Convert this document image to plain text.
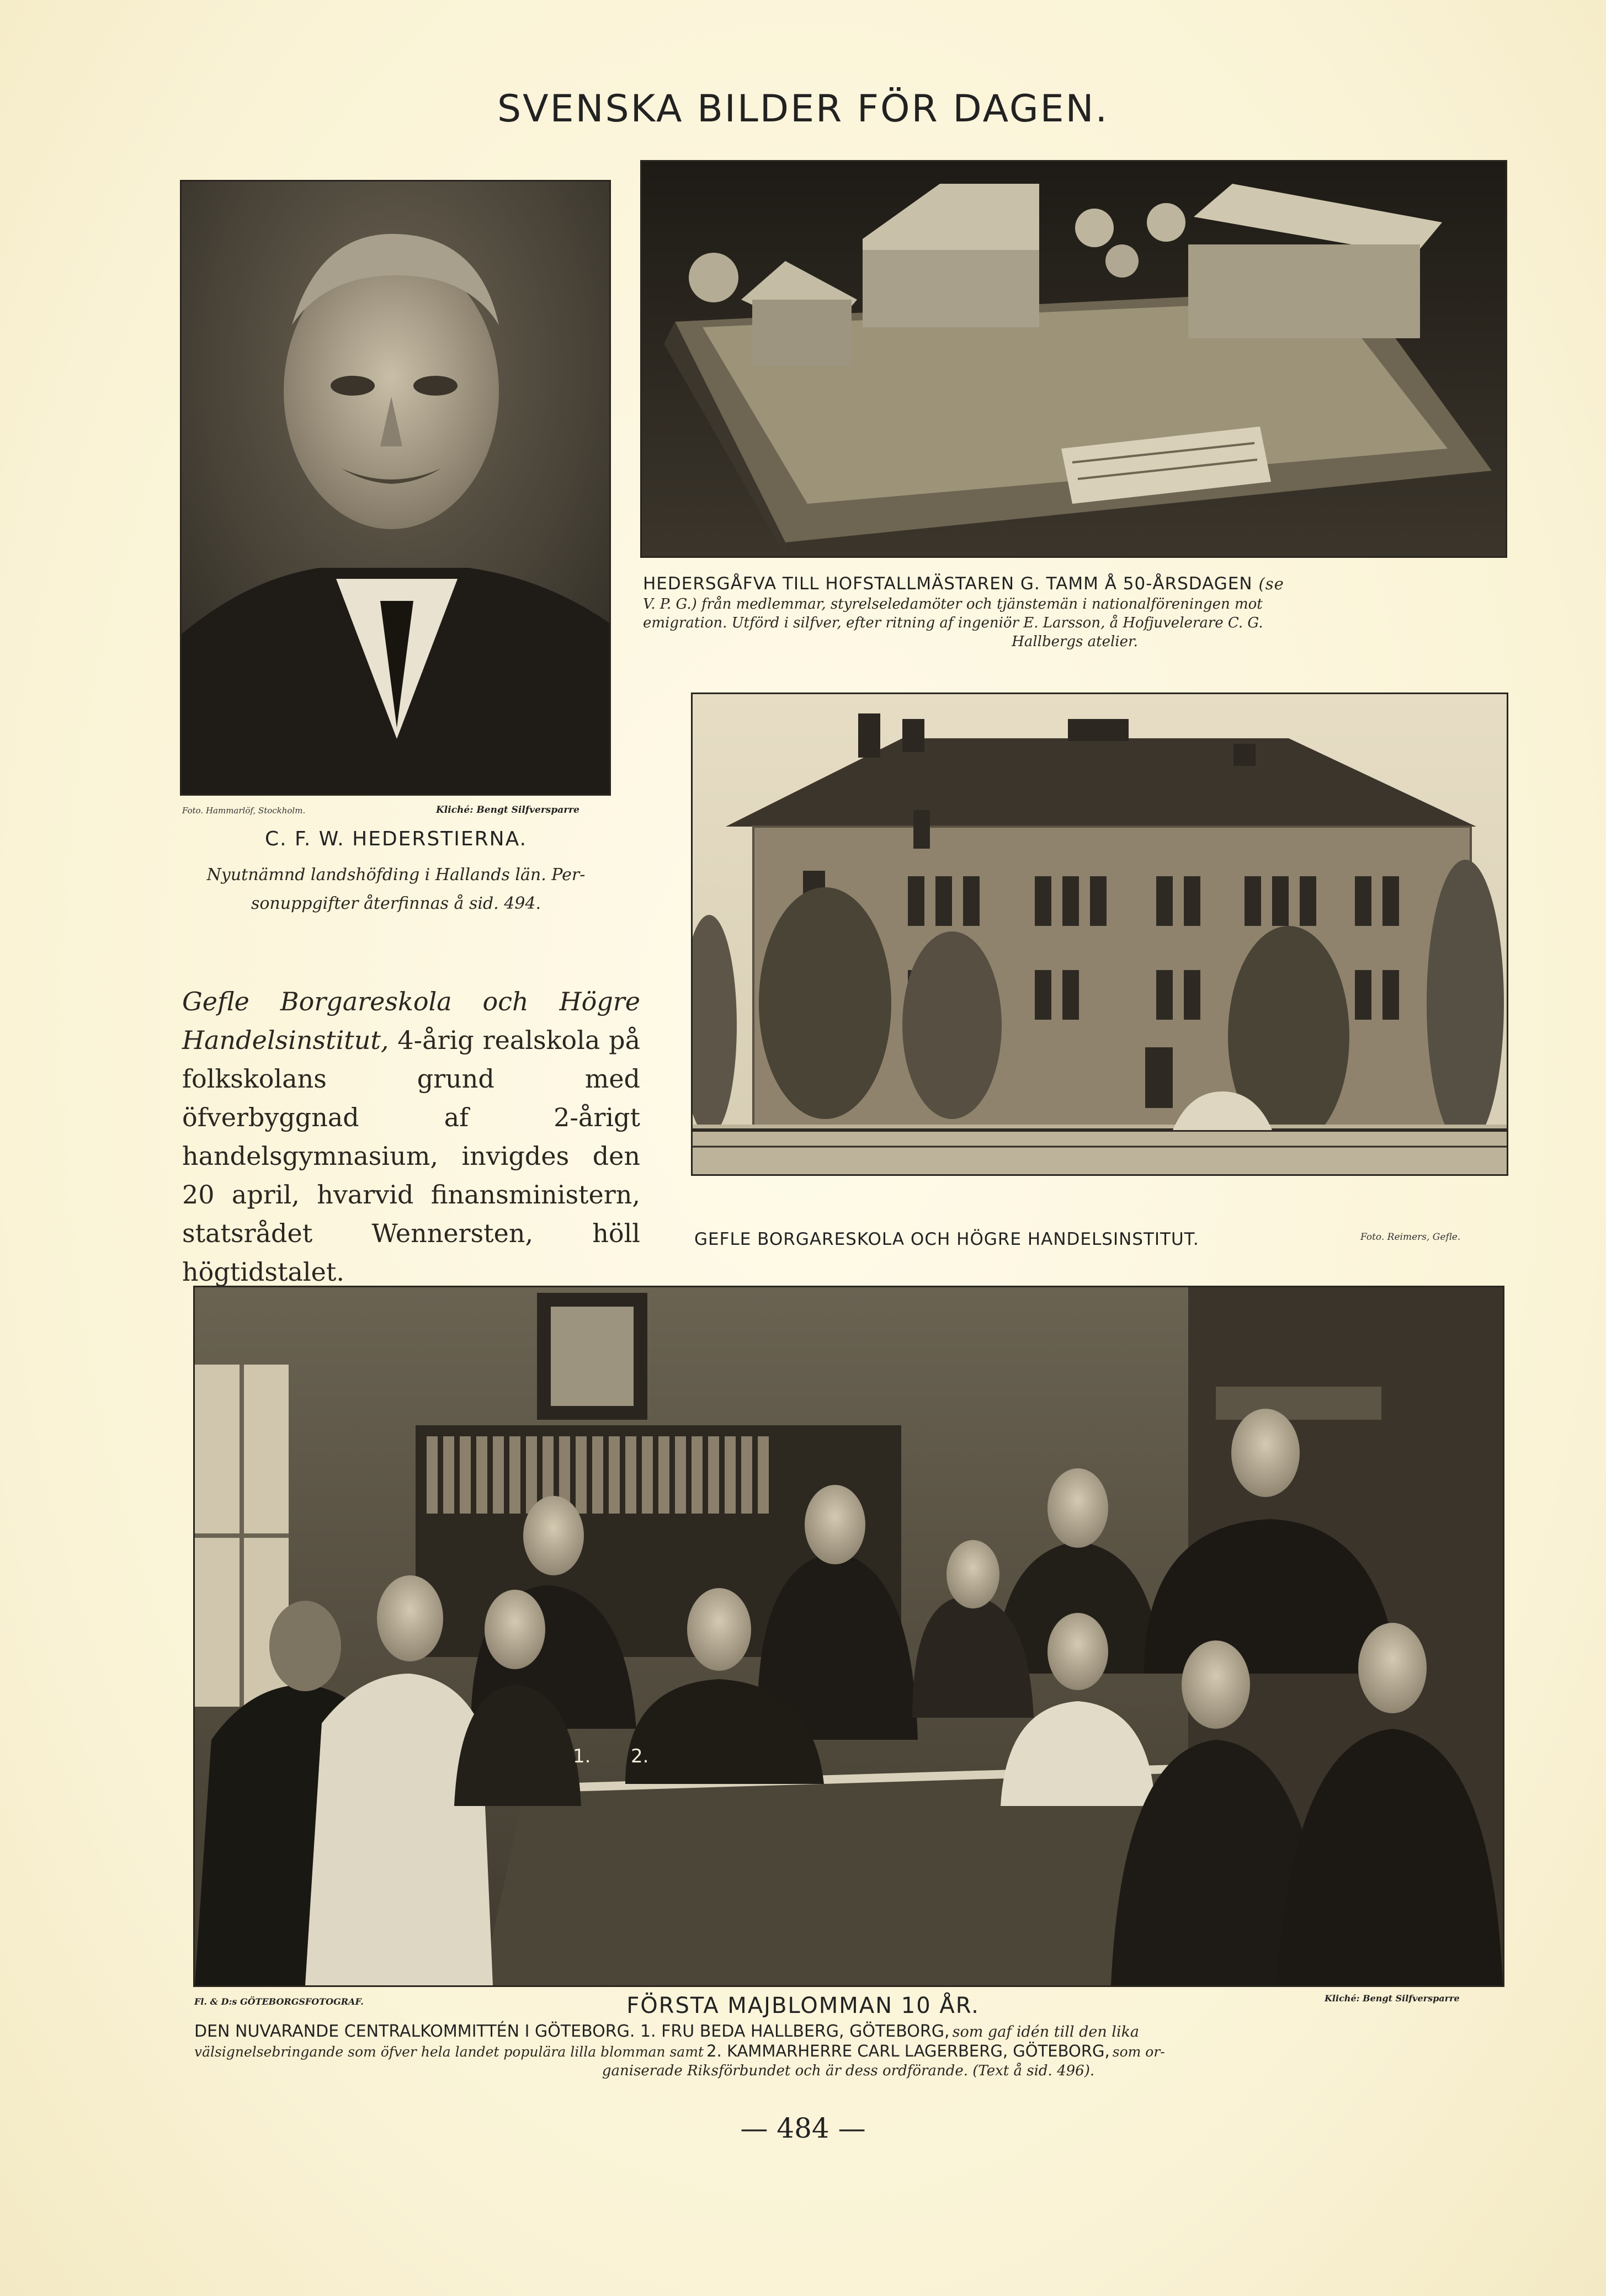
SVENSKA BILDER FÖR DAGEN.
Foto. Hammarlöf, Stockholm.	Kliché: Bengt Silfversparre
C. F. W. HEDERSTIERNA.
Nyutnämnd landshöfding i Hallands län. Per-
sonuppgifter återfinnas å sid. 494.
HEDERSGÅFVA TILL HOFSTALLMÄSTAREN G. TAMM Å 50-ÅRSDAGEN (se
V. P. G.) från medlemmar, styrelseledamöter och tjänstemän i nationalföreningen mot
emigration. Utförd i silfver, efter ritning af ingeniör E. Larsson, å Hofjuvelerare C. G.
Hallbergs atelier.

Gefle Borgareskola och Högre Handelsinstitut, 4-årig realskola på folkskolans grund med öfverbyggnad af 2-årigt handelsgymnasium, invigdes den 20 april, hvarvid finansministern, statsrådet Wennersten, höll högtidstalet.

GEFLE BORGARESKOLA OCH HÖGRE HANDELSINSTITUT.	Foto. Reimers, Gefle.
1. 2.
Fl. & D:s GÖTEBORGSFOTOGRAF.	FÖRSTA MAJBLOMMAN 10 ÅR.	Kliché: Bengt Silfversparre
DEN NUVARANDE CENTRALKOMMITTÉN I GÖTEBORG. 1. FRU BEDA HALLBERG, GÖTEBORG, som gaf idén till den lika
välsignelsebringande som öfver hela landet populära lilla blomman samt 2. KAMMARHERRE CARL LAGERBERG, GÖTEBORG, som or-
ganiserade Riksförbundet och är dess ordförande. (Text å sid. 496).
— 484 —
